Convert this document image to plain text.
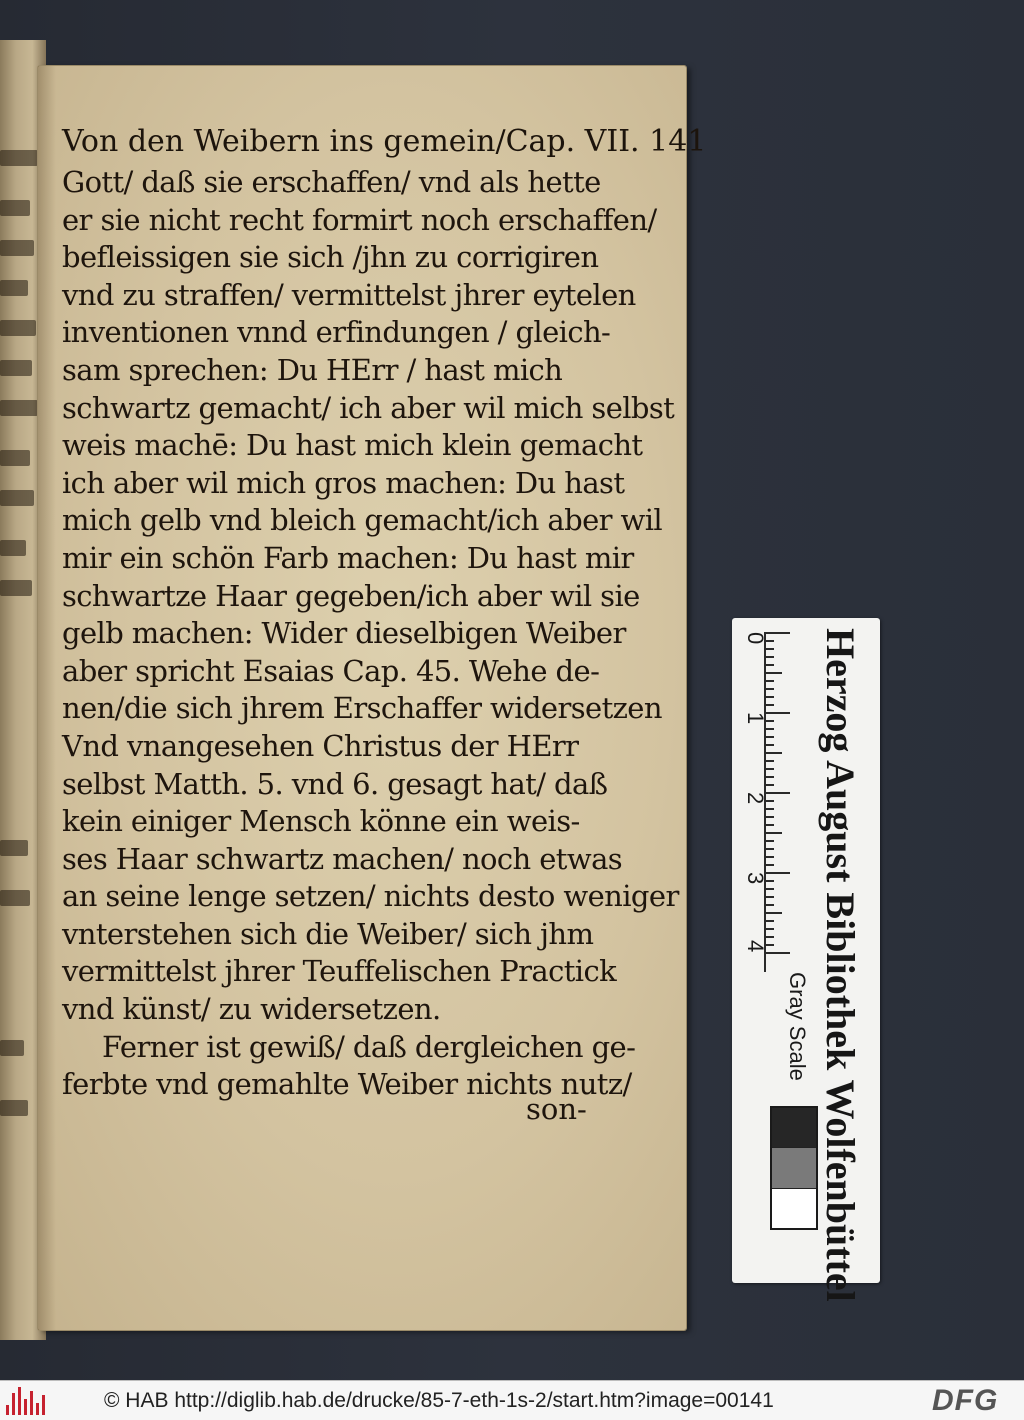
Von den Weibern ins gemein/Cap. VII. 141
Gott/ daß sie erschaffen/ vnd als hette
er sie nicht recht formirt noch erschaffen/
befleissigen sie sich /jhn zu corrigiren
vnd zu straffen/ vermittelst jhrer eytelen
inventionen vnnd erfindungen / gleich-
sam sprechen: Du HErr / hast mich
schwartz gemacht/ ich aber wil mich selbst
weis machē: Du hast mich klein gemacht
ich aber wil mich gros machen: Du hast
mich gelb vnd bleich gemacht/ich aber wil
mir ein schön Farb machen: Du hast mir
schwartze Haar gegeben/ich aber wil sie
gelb machen: Wider dieselbigen Weiber
aber spricht Esaias Cap. 45. Wehe de-
nen/die sich jhrem Erschaffer widersetzen
Vnd vnangesehen Christus der HErr
selbst Matth. 5. vnd 6. gesagt hat/ daß
kein einiger Mensch könne ein weis-
ses Haar schwartz machen/ noch etwas
an seine lenge setzen/ nichts desto weniger
vnterstehen sich die Weiber/ sich jhm
vermittelst jhrer Teuffelischen Practick
vnd künst/ zu widersetzen.
Ferner ist gewiß/ daß dergleichen ge-
ferbte vnd gemahlte Weiber nichts nutz/
son-	Herzog August Bibliothek Wolfenbüttel
0
1
2
3
4
Gray Scale
© HAB http://diglib.hab.de/drucke/85-7-eth-1s-2/start.htm?image=00141	DFG
